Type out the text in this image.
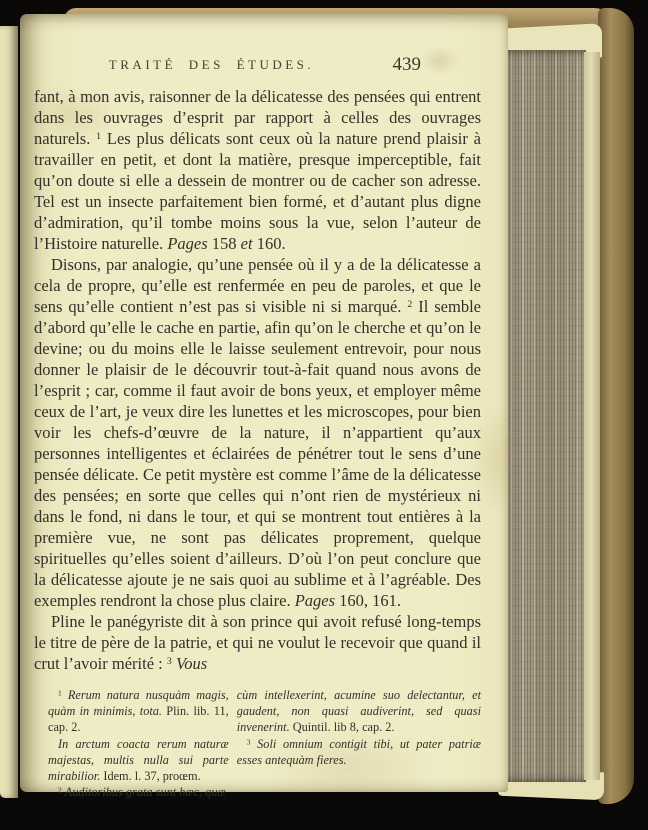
TRAITÉ DES ÉTUDES.	439

fant, à mon avis, raisonner de la délicatesse des pensées qui entrent dans les ouvrages d’esprit par rapport à celles des ouvrages naturels. $^1$ Les plus délicats sont ceux où la nature prend plaisir à travailler en petit, et dont la matière, presque imperceptible, fait qu’on doute si elle a dessein de montrer ou de cacher son adresse. Tel est un insecte parfaitement bien formé, et d’autant plus digne d’admiration, qu’il tombe moins sous la vue, selon l’auteur de l’Histoire naturelle. Pages 158 et 160.

Disons, par analogie, qu’une pensée où il y a de la délicatesse a cela de propre, qu’elle est renfermée en peu de paroles, et que le sens qu’elle contient n’est pas si visible ni si marqué. $^2$ Il semble d’abord qu’elle le cache en partie, afin qu’on le cherche et qu’on le devine; ou du moins elle le laisse seulement entrevoir, pour nous donner le plaisir de le découvrir tout-à-fait quand nous avons de l’esprit ; car, comme il faut avoir de bons yeux, et employer même ceux de l’art, je veux dire les lunettes et les microscopes, pour bien voir les chefs-d’œuvre de la nature, il n’appartient qu’aux personnes intelligentes et éclairées de pénétrer tout le sens d’une pensée délicate. Ce petit mystère est comme l’âme de la délicatesse des pensées; en sorte que celles qui n’ont rien de mystérieux ni dans le fond, ni dans le tour, et qui se montrent tout entières à la première vue, ne sont pas délicates proprement, quelque spirituelles qu’elles soient d’ailleurs. D’où l’on peut conclure que la délicatesse ajoute je ne sais quoi au sublime et à l’agréable. Des exemples rendront la chose plus claire. Pages 160, 161.

Pline le panégyriste dit à son prince qui avoit refusé long-temps le titre de père de la patrie, et qui ne voulut le recevoir que quand il crut l’avoir mérité : $^3$ Vous

$^1$ Rerum natura nusquàm magis, quàm in minimis, tota. Plin. lib. 11, cap. 2.

In arctum coacta rerum naturæ majestas, multis nulla sui parte mirabilior. Idem. l. 37, proœm.

$^2$ Auditoribus grata sunt hæc, quæ

cùm intellexerint, acumine suo delectantur, et gaudent, non quasi audiverint, sed quasi invenerint. Quintil. lib 8, cap. 2.

$^3$ Soli omnium contigit tibi, ut pater patriæ esses antequàm fieres.
